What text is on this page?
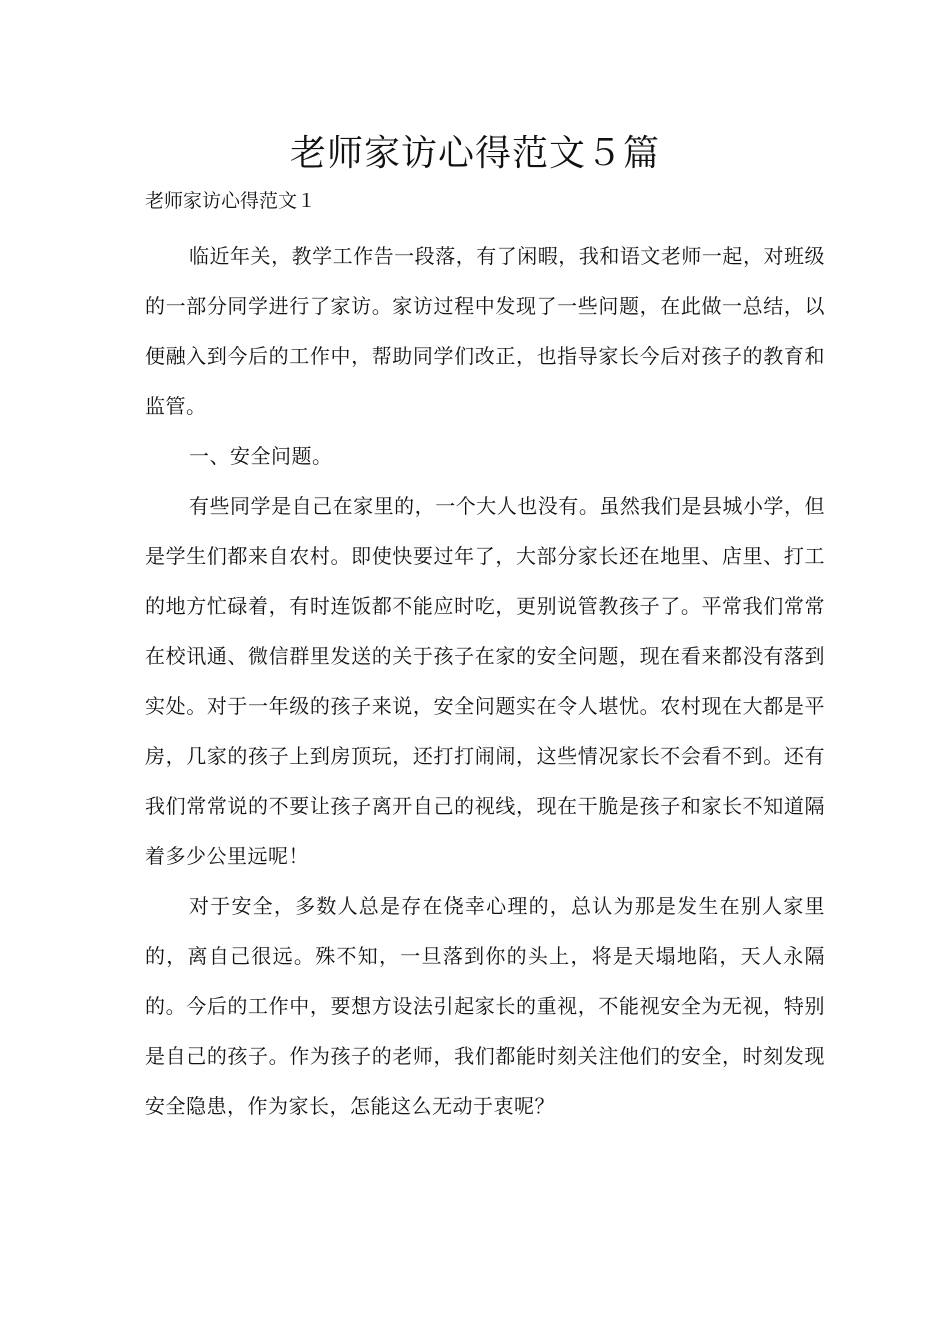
老师家访心得范文５篇
老师家访心得范文１

临近年关，教学工作告一段落，有了闲暇，我和语文老师一起，对班级的一部分同学进行了家访。家访过程中发现了一些问题，在此做一总结，以便融入到今后的工作中，帮助同学们改正，也指导家长今后对孩子的教育和监管。

一、安全问题。

有些同学是自己在家里的，一个大人也没有。虽然我们是县城小学，但是学生们都来自农村。即使快要过年了，大部分家长还在地里、店里、打工的地方忙碌着，有时连饭都不能应时吃，更别说管教孩子了。平常我们常常在校讯通、微信群里发送的关于孩子在家的安全问题，现在看来都没有落到实处。对于一年级的孩子来说，安全问题实在令人堪忧。农村现在大都是平房，几家的孩子上到房顶玩，还打打闹闹，这些情况家长不会看不到。还有我们常常说的不要让孩子离开自己的视线，现在干脆是孩子和家长不知道隔着多少公里远呢！

对于安全，多数人总是存在侥幸心理的，总认为那是发生在别人家里的，离自己很远。殊不知，一旦落到你的头上，将是天塌地陷，天人永隔的。今后的工作中，要想方设法引起家长的重视，不能视安全为无视，特别是自己的孩子。作为孩子的老师，我们都能时刻关注他们的安全，时刻发现安全隐患，作为家长，怎能这么无动于衷呢？
